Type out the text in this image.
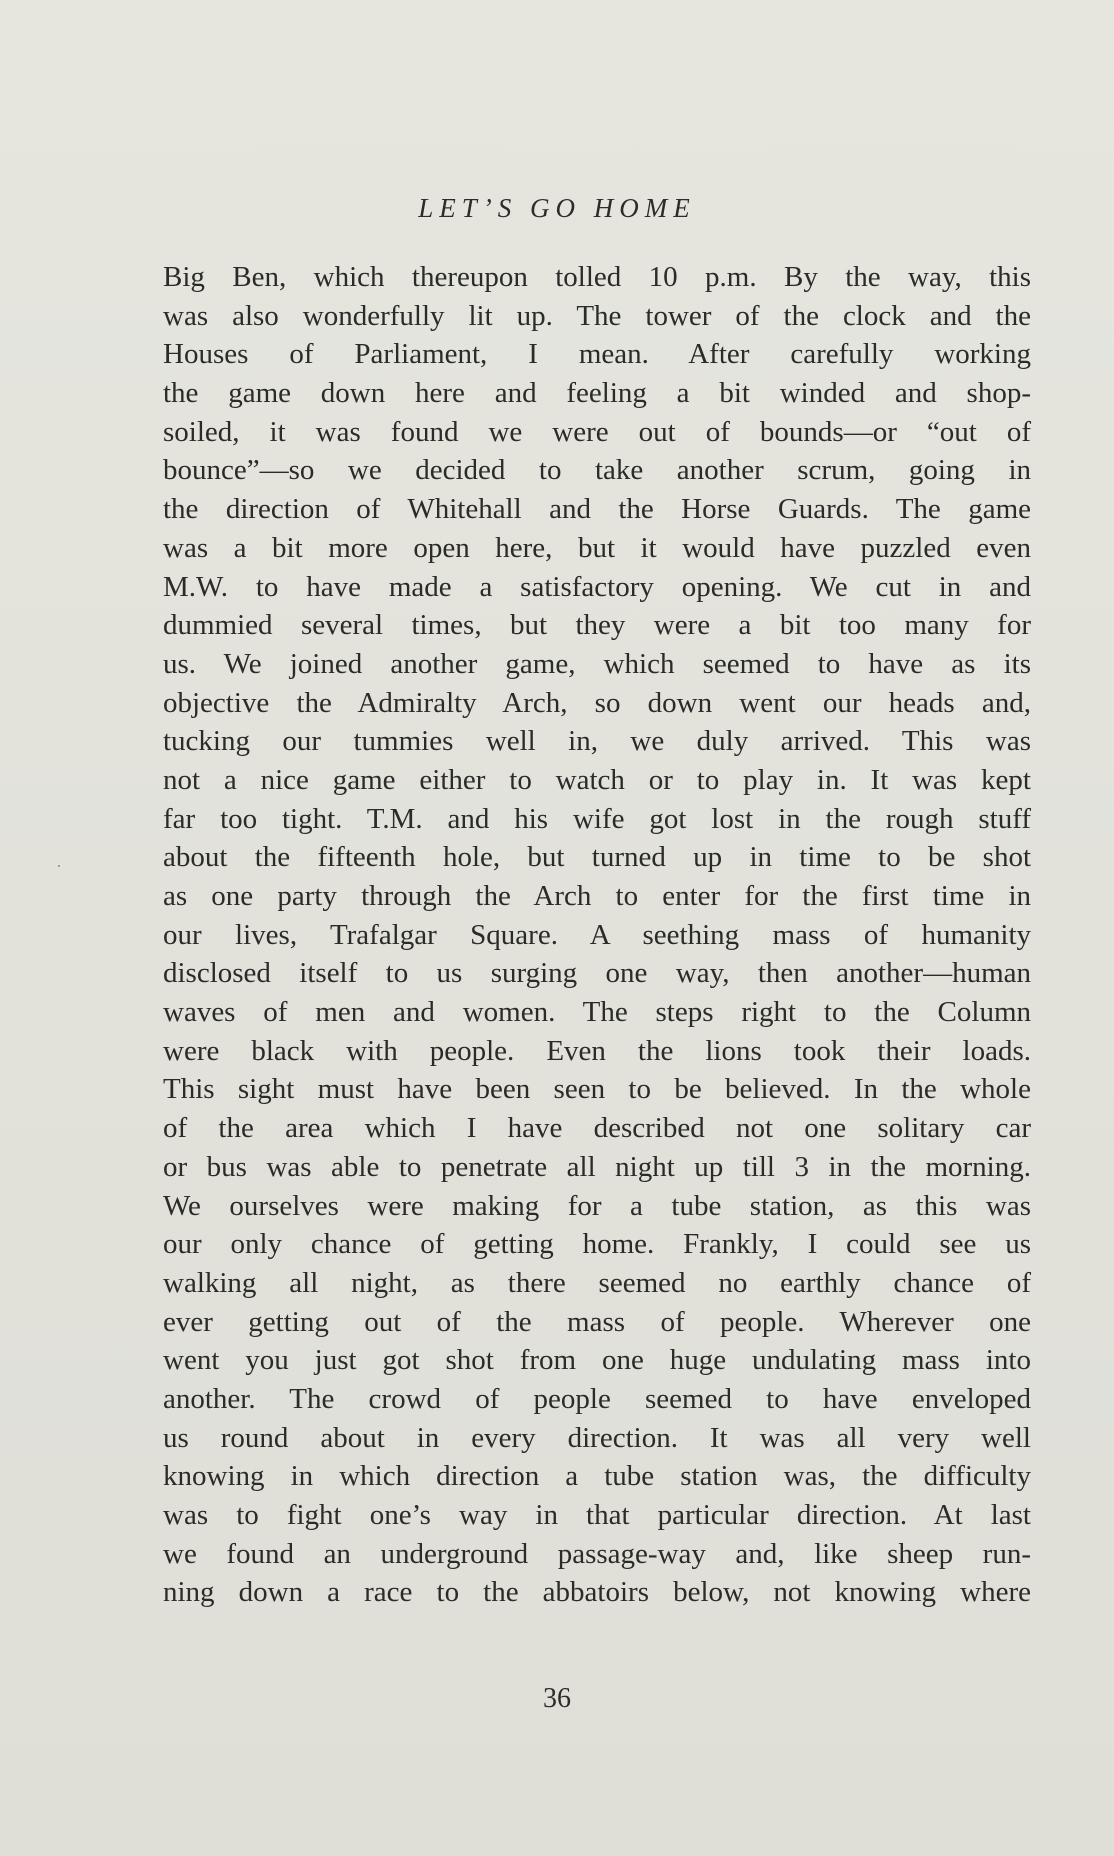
LET’S GO HOME
Big Ben, which thereupon tolled 10 p.m. By the way, this
was also wonderfully lit up. The tower of the clock and the
Houses of Parliament, I mean. After carefully working
the game down here and feeling a bit winded and shop-
soiled, it was found we were out of bounds—or “out of
bounce”—so we decided to take another scrum, going in
the direction of Whitehall and the Horse Guards. The game
was a bit more open here, but it would have puzzled even
M.W. to have made a satisfactory opening. We cut in and
dummied several times, but they were a bit too many for
us. We joined another game, which seemed to have as its
objective the Admiralty Arch, so down went our heads and,
tucking our tummies well in, we duly arrived. This was
not a nice game either to watch or to play in. It was kept
far too tight. T.M. and his wife got lost in the rough stuff
about the fifteenth hole, but turned up in time to be shot
as one party through the Arch to enter for the first time in
our lives, Trafalgar Square. A seething mass of humanity
disclosed itself to us surging one way, then another—human
waves of men and women. The steps right to the Column
were black with people. Even the lions took their loads.
This sight must have been seen to be believed. In the whole
of the area which I have described not one solitary car
or bus was able to penetrate all night up till 3 in the morning.
We ourselves were making for a tube station, as this was
our only chance of getting home. Frankly, I could see us
walking all night, as there seemed no earthly chance of
ever getting out of the mass of people. Wherever one
went you just got shot from one huge undulating mass into
another. The crowd of people seemed to have enveloped
us round about in every direction. It was all very well
knowing in which direction a tube station was, the difficulty
was to fight one’s way in that particular direction. At last
we found an underground passage-way and, like sheep run-
ning down a race to the abbatoirs below, not knowing where
36
